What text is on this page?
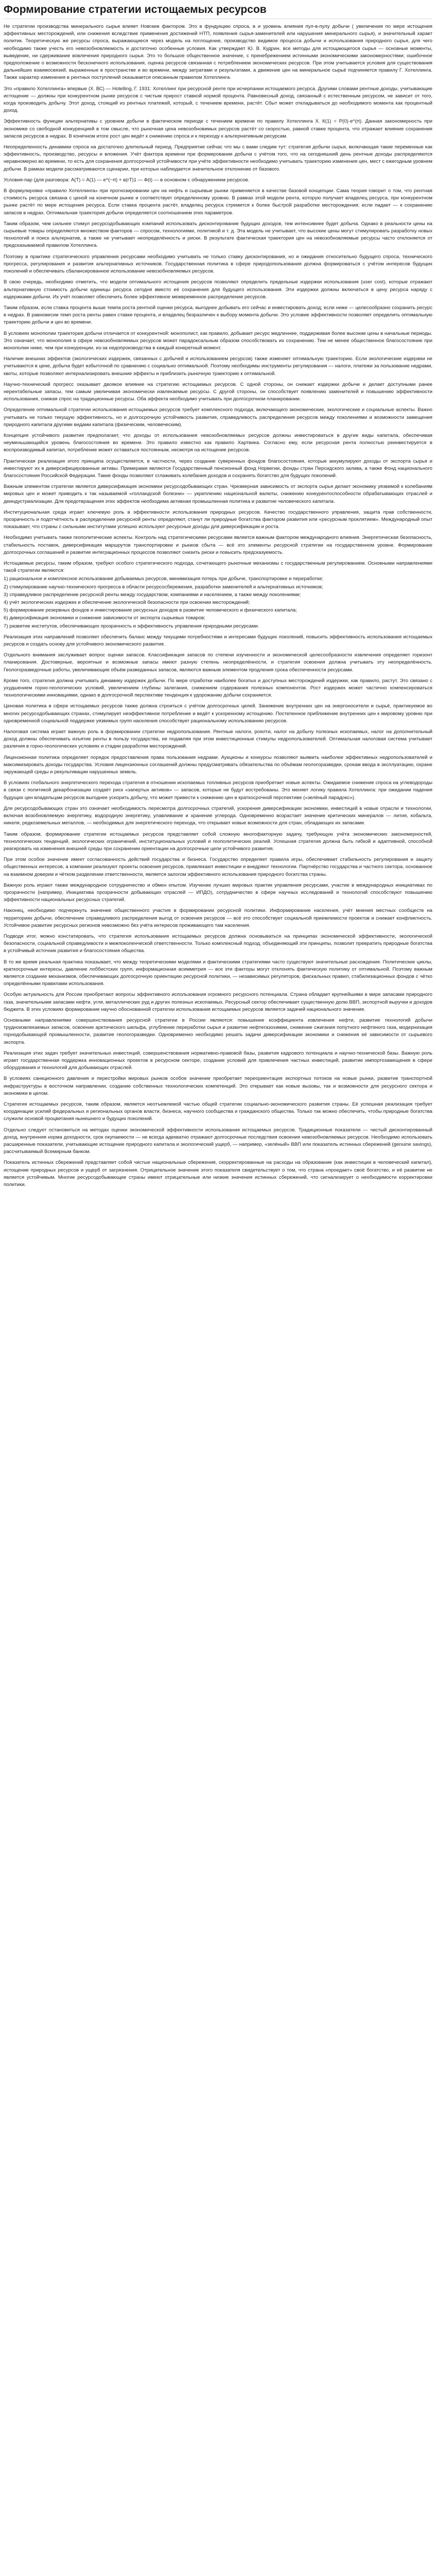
Формирование стратегии истощаемых ресурсов

Не стратегии производства минерального сырья влияет Новгаев фактором. Это в фундукцию спроса, в и уровень влияния пул-в-пулу добычи ( увеличения по мере истощения эффективных месторождений, или снижения вследствие применения достижений НТП, появления сырья-заменителей или нарушения минерального сырья), и значительный характ политик. Теоретическую же ресурсы спроса, выражающиеся через модель на поглощение, производство видимое процесса добычи и использования природного сырья, для чего необходимо также учесть его невозобновляемость и достаточно особенные условия. Как утверждает Ю. В. Кудрин, все методы для истощающегося сырья — основные моменты, выведение, ни сдерживание вовлечения природного сырья. Это то большое общественное значение, с пренебрежением истинными экономическими закономерностями; ошибочное предположение о возможности бесконечного использования, оценка ресурсов связанная с потреблением экономических ресурсов. При этом учитывается условия для существования дальнейших взаимосвязей, выраженные в пространстве и во времени, между затратами и результатами, а движение цен на минеральное сырьё подчиняется правилу Г. Хотеллинга. Также характер изменения в рентных поступлений оказывается описанным правилом Хотеллинга.

Это «правило Хотеллинга» впервые (Х. ВС) — Hotelling, Г. 1931: Хотеллинг при ресурсной ренте при исчерпании истощаемого ресурса. Другими словами рентные доходы, учитывающие истощение — должны при конкурентном рынке ресурсов с чистым прирост ставкой нормой процента. Равновесный доход, связанный с естественным ресурсом, не зависит от того, когда производить добычу. Этот доход, стоящий из рентных платежей, который, с течением времени, растёт. Сбыт может откладываться до необходимого момента как процентный доход.

Эффективность функции альтернативы с уровнем добычи в фактическом периоде с течением времени по правилу Хотеллинга Х. К(1) = P(0)·e^(rt). Данная закономерность при экономике со свободной конкуренцией в том смысле, что рыночная цена невозобновимых ресурсов растёт со скоростью, равной ставке процента, что отражает влияние сохранения запасов ресурсов в недрах. В конечном итоге рост цен ведёт к снижению спроса и к переходу к альтернативным ресурсам.

Неопределенность динамики спроса на достаточно длительный период. Предприятие сейчас что мы с вами следим тут: стратегия добычи сырья, включающая такие переменные как эффективность, производство, ресурсы и вложения. Учёт фактора времени при формировании добычи с учётом того, что на сегодняшний день рентные доходы распределяются неравномерно во времени, то есть для сохранения долгосрочной устойчивости при учёте эффективности необходимо учитывать траекторию изменения цен, мест с ежегодным уровнем добычи. В рамках модели рассматриваются сценарии, при которых наблюдается значительное отклонение от базового.

Условия-пар (для разговора: А(Т) = А(1) — e^(−rt) + в(rT)1 — Ф(t) — в основном с обнаружением ресурсов.

В формулировке «правило Хотеллинга» при прогнозировании цен на нефть и сырьевые рынки применяется в качестве базовой концепции. Сама теория говорит о том, что рентная стоимость ресурса связана с ценой на конечном рынке и соответствует определенному уровню. В рамках этой модели рента, которую получает владелец ресурса, при конкурентном рынке растёт по мере истощения ресурса. Если ставка процента растёт, владелец ресурса стремится к более быстрой разработке месторождения; если падает — к сохранению запасов в недрах. Оптимальная траектория добычи определяется соотношением этих параметров.

Таким образом, чем сильнее стимул ресурсодобывающих компаний использовать дисконтирование будущих доходов, тем интенсивнее будет добыча. Однако в реальности цены на сырьевые товары определяются множеством факторов — спросом, технологиями, политикой и т. д. Эта модель не учитывает, что высокие цены могут стимулировать разработку новых технологий и поиск альтернатив, а также не учитывает неопределённость и риски. В результате фактическая траектория цен на невозобновляемые ресурсы часто отклоняется от предсказываемой правилом Хотеллинга.

Поэтому в практике стратегического управления ресурсами необходимо учитывать не только ставку дисконтирования, но и ожидания относительно будущего спроса, технического прогресса, регулирования и развития альтернативных источников. Государственная политика в сфере природопользования должна формироваться с учётом интересов будущих поколений и обеспечивать сбалансированное использование невозобновляемых ресурсов.

В свою очередь, необходимо отметить, что модели оптимального истощения ресурсов позволяют определить предельные издержки использования (user cost), которые отражают альтернативную стоимость добычи единицы ресурса сегодня вместо её сохранения для будущего использования. Эти издержки должны включаться в цену ресурса наряду с издержками добычи. Их учёт позволяет обеспечить более эффективное межвременное распределение ресурсов.

Таким образом, если ставка процента выше темпа роста рентной оценки ресурса, выгоднее добывать его сейчас и инвестировать доход; если ниже — целесообразно сохранить ресурс в недрах. В равновесии темп роста ренты равен ставке процента, и владелец безразличен к выбору момента добычи. Это условие эффективности позволяет определить оптимальную траекторию добычи и цен во времени.

В условиях монополии траектория добычи отличается от конкурентной: монополист, как правило, добывает ресурс медленнее, поддерживая более высокие цены в начальные периоды. Это означает, что монополия в сфере невозобновляемых ресурсов может парадоксальным образом способствовать их сохранению. Тем не менее общественное благосостояние при монополии ниже, чем при конкуренции, из-за недопроизводства в каждый конкретный момент.

Наличие внешних эффектов (экологических издержек, связанных с добычей и использованием ресурсов) также изменяет оптимальную траекторию. Если экологические издержки не учитываются в цене, добыча будет избыточной по сравнению с социально оптимальной. Поэтому необходимы инструменты регулирования — налоги, платежи за пользование недрами, квоты, которые позволяют интернализировать внешние эффекты и приблизить рыночную траекторию к оптимальной.

Научно-технический прогресс оказывает двоякое влияние на стратегию истощаемых ресурсов. С одной стороны, он снижает издержки добычи и делает доступными ранее нерентабельные запасы, тем самым увеличивая экономически извлекаемые ресурсы. С другой стороны, он способствует появлению заменителей и повышению эффективности использования, снижая спрос на традиционные ресурсы. Оба эффекта необходимо учитывать при долгосрочном планировании.

Определение оптимальной стратегии использования истощаемых ресурсов требует комплексного подхода, включающего экономические, экологические и социальные аспекты. Важно учитывать не только текущую эффективность, но и долгосрочную устойчивость развития, справедливость распределения ресурсов между поколениями и возможности замещения природного капитала другими видами капитала (физическим, человеческим).

Концепция устойчивого развития предполагает, что доходы от использования невозобновляемых ресурсов должны инвестироваться в другие виды капитала, обеспечивая неуменьшающийся уровень благосостояния во времени. Это правило известно как правило Хартвика. Согласно ему, если ресурсная рента полностью реинвестируется в воспроизводимый капитал, потребление может оставаться постоянным, несмотря на истощение ресурсов.

Практическая реализация этого принципа осуществляется, в частности, через создание суверенных фондов благосостояния, которые аккумулируют доходы от экспорта сырья и инвестируют их в диверсифицированные активы. Примерами являются Государственный пенсионный фонд Норвегии, фонды стран Персидского залива, а также Фонд национального благосостояния Российской Федерации. Такие фонды позволяют сглаживать колебания доходов и сохранять богатство для будущих поколений.

Важным элементом стратегии является диверсификация экономики ресурсодобывающих стран. Чрезмерная зависимость от экспорта сырья делает экономику уязвимой к колебаниям мировых цен и может приводить к так называемой «голландской болезни» — укреплению национальной валюты, снижению конкурентоспособности обрабатывающих отраслей и деиндустриализации. Для предотвращения этих эффектов необходима активная промышленная политика и развитие человеческого капитала.

Институциональная среда играет ключевую роль в эффективности использования природных ресурсов. Качество государственного управления, защита прав собственности, прозрачность и подотчётность в распределении ресурсной ренты определяют, станут ли природные богатства фактором развития или «ресурсным проклятием». Международный опыт показывает, что страны с сильными институтами успешно используют ресурсные доходы для диверсификации и роста.

Необходимо учитывать также геополитические аспекты. Контроль над стратегическими ресурсами является важным фактором международного влияния. Энергетическая безопасность, стабильность поставок, диверсификация маршрутов транспортировки и рынков сбыта — всё это элементы ресурсной стратегии на государственном уровне. Формирование долгосрочных соглашений и развитие интеграционных процессов позволяют снизить риски и повысить предсказуемость.

Истощаемые ресурсы, таким образом, требуют особого стратегического подхода, сочетающего рыночные механизмы с государственным регулированием. Основными направлениями такой стратегии являются:

1) рациональное и комплексное использование добываемых ресурсов, минимизация потерь при добыче, транспортировке и переработке;
2) стимулирование научно-технического прогресса в области ресурсосбережения, разработки заменителей и альтернативных источников;
3) справедливое распределение ресурсной ренты между государством, компаниями и населением, а также между поколениями;
4) учёт экологических издержек и обеспечение экологической безопасности при освоении месторождений;
5) формирование резервных фондов и инвестирование ресурсных доходов в развитие человеческого и физического капитала;
6) диверсификация экономики и снижение зависимости от экспорта сырьевых товаров;
7) развитие институтов, обеспечивающих прозрачность и эффективность управления природными ресурсами.

Реализация этих направлений позволяет обеспечить баланс между текущими потребностями и интересами будущих поколений, повысить эффективность использования истощаемых ресурсов и создать основу для устойчивого экономического развития.

Отдельного внимания заслуживает вопрос оценки запасов. Классификация запасов по степени изученности и экономической целесообразности извлечения определяет горизонт планирования. Достоверные, вероятные и возможные запасы имеют разную степень неопределённости, и стратегия освоения должна учитывать эту неопределённость. Геологоразведочные работы, увеличивающие объём разведанных запасов, являются важным элементом продления срока обеспеченности ресурсами.

Кроме того, стратегия должна учитывать динамику издержек добычи. По мере отработки наиболее богатых и доступных месторождений издержки, как правило, растут. Это связано с ухудшением горно-геологических условий, увеличением глубины залегания, снижением содержания полезных компонентов. Рост издержек может частично компенсироваться технологическими инновациями, однако в долгосрочной перспективе тенденция к удорожанию добычи сохраняется.

Ценовая политика в сфере истощаемых ресурсов также должна строиться с учётом долгосрочных целей. Занижение внутренних цен на энергоносители и сырьё, практикуемое во многих ресурсодобывающих странах, стимулирует неэффективное потребление и ведёт к ускоренному истощению. Постепенное приближение внутренних цен к мировому уровню при одновременной социальной поддержке уязвимых групп населения способствует рациональному использованию ресурсов.

Налоговая система играет важную роль в формировании стратегии недропользования. Рентные налоги, роялти, налог на добычу полезных ископаемых, налог на дополнительный доход должны обеспечивать изъятие ренты в пользу государства, не подавляя при этом инвестиционные стимулы недропользователей. Оптимальная налоговая система учитывает различия в горно-геологических условиях и стадии разработки месторождений.

Лицензионная политика определяет порядок предоставления права пользования недрами. Аукционы и конкурсы позволяют выявить наиболее эффективных недропользователей и максимизировать доходы государства. Условия лицензионных соглашений должны предусматривать обязательства по объёмам геологоразведки, срокам ввода в эксплуатацию, охране окружающей среды и рекультивации нарушенных земель.

В условиях глобального энергетического перехода стратегия в отношении ископаемых топливных ресурсов приобретает новые аспекты. Ожидаемое снижение спроса на углеводороды в связи с политикой декарбонизации создаёт риск «запертых активов» — запасов, которые не будут востребованы. Это меняет логику правила Хотеллинга: при ожидании падения будущих цен владельцам ресурсов выгоднее ускорить добычу, что может привести к снижению цен в краткосрочной перспективе («зелёный парадокс»).

Для ресурсодобывающих стран это означает необходимость пересмотра долгосрочных стратегий, ускорения диверсификации экономики, инвестиций в новые отрасли и технологии, включая возобновляемую энергетику, водородную энергетику, улавливание и хранение углерода. Одновременно возрастает значение критических минералов — лития, кобальта, никеля, редкоземельных металлов, — необходимых для энергетического перехода, что открывает новые возможности для стран, обладающих их запасами.

Таким образом, формирование стратегии истощаемых ресурсов представляет собой сложную многофакторную задачу, требующую учёта экономических закономерностей, технологических тенденций, экологических ограничений, институциональных условий и геополитических реалий. Успешная стратегия должна быть гибкой и адаптивной, способной реагировать на изменения внешней среды при сохранении ориентации на долгосрочные цели устойчивого развития.

При этом особое значение имеет согласованность действий государства и бизнеса. Государство определяет правила игры, обеспечивает стабильность регулирования и защиту общественных интересов, а компании реализуют проекты освоения ресурсов, привлекают инвестиции и внедряют технологии. Партнёрство государства и частного сектора, основанное на взаимном доверии и чётком разделении ответственности, является залогом эффективного использования природного богатства страны.

Важную роль играют также международное сотрудничество и обмен опытом. Изучение лучших мировых практик управления ресурсами, участие в международных инициативах по прозрачности (например, Инициатива прозрачности добывающих отраслей — ИПДО), сотрудничество в сфере научных исследований и технологий способствуют повышению эффективности национальных ресурсных стратегий.

Наконец, необходимо подчеркнуть значение общественного участия в формировании ресурсной политики. Информирование населения, учёт мнения местных сообществ на территориях добычи, обеспечение справедливого распределения выгод от освоения ресурсов — всё это способствует социальной приемлемости проектов и снижает конфликтность. Устойчивое развитие ресурсных регионов невозможно без учёта интересов проживающего там населения.

Подводя итог, можно констатировать, что стратегия использования истощаемых ресурсов должна основываться на принципах экономической эффективности, экологической безопасности, социальной справедливости и межпоколенческой ответственности. Только комплексный подход, объединяющий эти принципы, позволит превратить природные богатства в устойчивый источник развития и благосостояния общества.

В то же время реальная практика показывает, что между теоретическими моделями и фактическими стратегиями часто существуют значительные расхождения. Политические циклы, краткосрочные интересы, давление лоббистских групп, информационная асимметрия — все эти факторы могут отклонять фактическую политику от оптимальной. Поэтому важным является создание механизмов, обеспечивающих долгосрочную ориентацию ресурсной политики, — независимых регуляторов, фискальных правил, стабилизационных фондов с чётко определёнными правилами использования.

Особую актуальность для России приобретают вопросы эффективного использования огромного ресурсного потенциала. Страна обладает крупнейшими в мире запасами природного газа, значительными запасами нефти, угля, металлических руд и других полезных ископаемых. Ресурсный сектор обеспечивает существенную долю ВВП, экспортной выручки и доходов бюджета. В этих условиях формирование научно обоснованной стратегии использования истощаемых ресурсов является задачей национального значения.

Основными направлениями совершенствования ресурсной стратегии в России являются: повышение коэффициента извлечения нефти, развитие технологий добычи трудноизвлекаемых запасов, освоение арктического шельфа, углубление переработки сырья и развитие нефтегазохимии, снижение сжигания попутного нефтяного газа, модернизация горнодобывающей промышленности, развитие геологоразведки. Одновременно необходимо решать задачи диверсификации экономики и снижения её зависимости от сырьевого экспорта.

Реализация этих задач требует значительных инвестиций, совершенствования нормативно-правовой базы, развития кадрового потенциала и научно-технической базы. Важную роль играет государственная поддержка инновационных проектов в ресурсном секторе, создание условий для привлечения частных инвестиций, развитие импортозамещения в сфере оборудования и технологий для добывающих отраслей.

В условиях санкционного давления и перестройки мировых рынков особое значение приобретает переориентация экспортных потоков на новые рынки, развитие транспортной инфраструктуры в восточном направлении, создание собственных технологических компетенций. Это открывает как новые вызовы, так и возможности для ресурсного сектора и экономики в целом.

Стратегия истощаемых ресурсов, таким образом, является неотъемлемой частью общей стратегии социально-экономического развития страны. Её успешная реализация требует координации усилий федеральных и региональных органов власти, бизнеса, научного сообщества и гражданского общества. Только так можно обеспечить, чтобы природные богатства служили основой процветания нынешнего и будущих поколений.

Отдельно следует остановиться на методах оценки экономической эффективности использования истощаемых ресурсов. Традиционные показатели — чистый дисконтированный доход, внутренняя норма доходности, срок окупаемости — не всегда адекватно отражают долгосрочные последствия освоения невозобновляемых ресурсов. Необходимо использовать расширенные показатели, учитывающие истощение природного капитала и экологический ущерб, — например, «зелёный» ВВП или показатель истинных сбережений (genuine savings), рассчитываемый Всемирным банком.

Показатель истинных сбережений представляет собой чистые национальные сбережения, скорректированные на расходы на образование (как инвестиции в человеческий капитал), истощение природных ресурсов и ущерб от загрязнения. Отрицательное значение этого показателя свидетельствует о том, что страна «проедает» своё богатство, и её развитие не является устойчивым. Многие ресурсодобывающие страны имеют отрицательные или низкие значения истинных сбережений, что сигнализирует о необходимости корректировки политики.
